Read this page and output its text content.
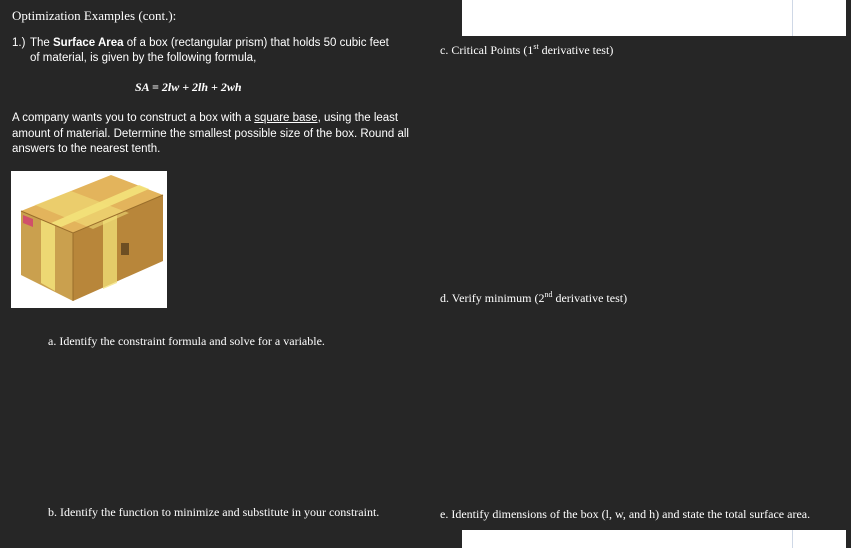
Optimization Examples (cont.):
1.) The Surface Area of a box (rectangular prism) that holds 50 cubic feet
of material, is given by the following formula,
SA = 2lw + 2lh + 2wh
A company wants you to construct a box with a square base, using the least amount of material. Determine the smallest possible size of the box. Round all answers to the nearest tenth.
a. Identify the constraint formula and solve for a variable.
b. Identify the function to minimize and substitute in your constraint.
c. Critical Points (1st derivative test)
d. Verify minimum (2nd derivative test)
e. Identify dimensions of the box (l, w, and h) and state the total surface area.
